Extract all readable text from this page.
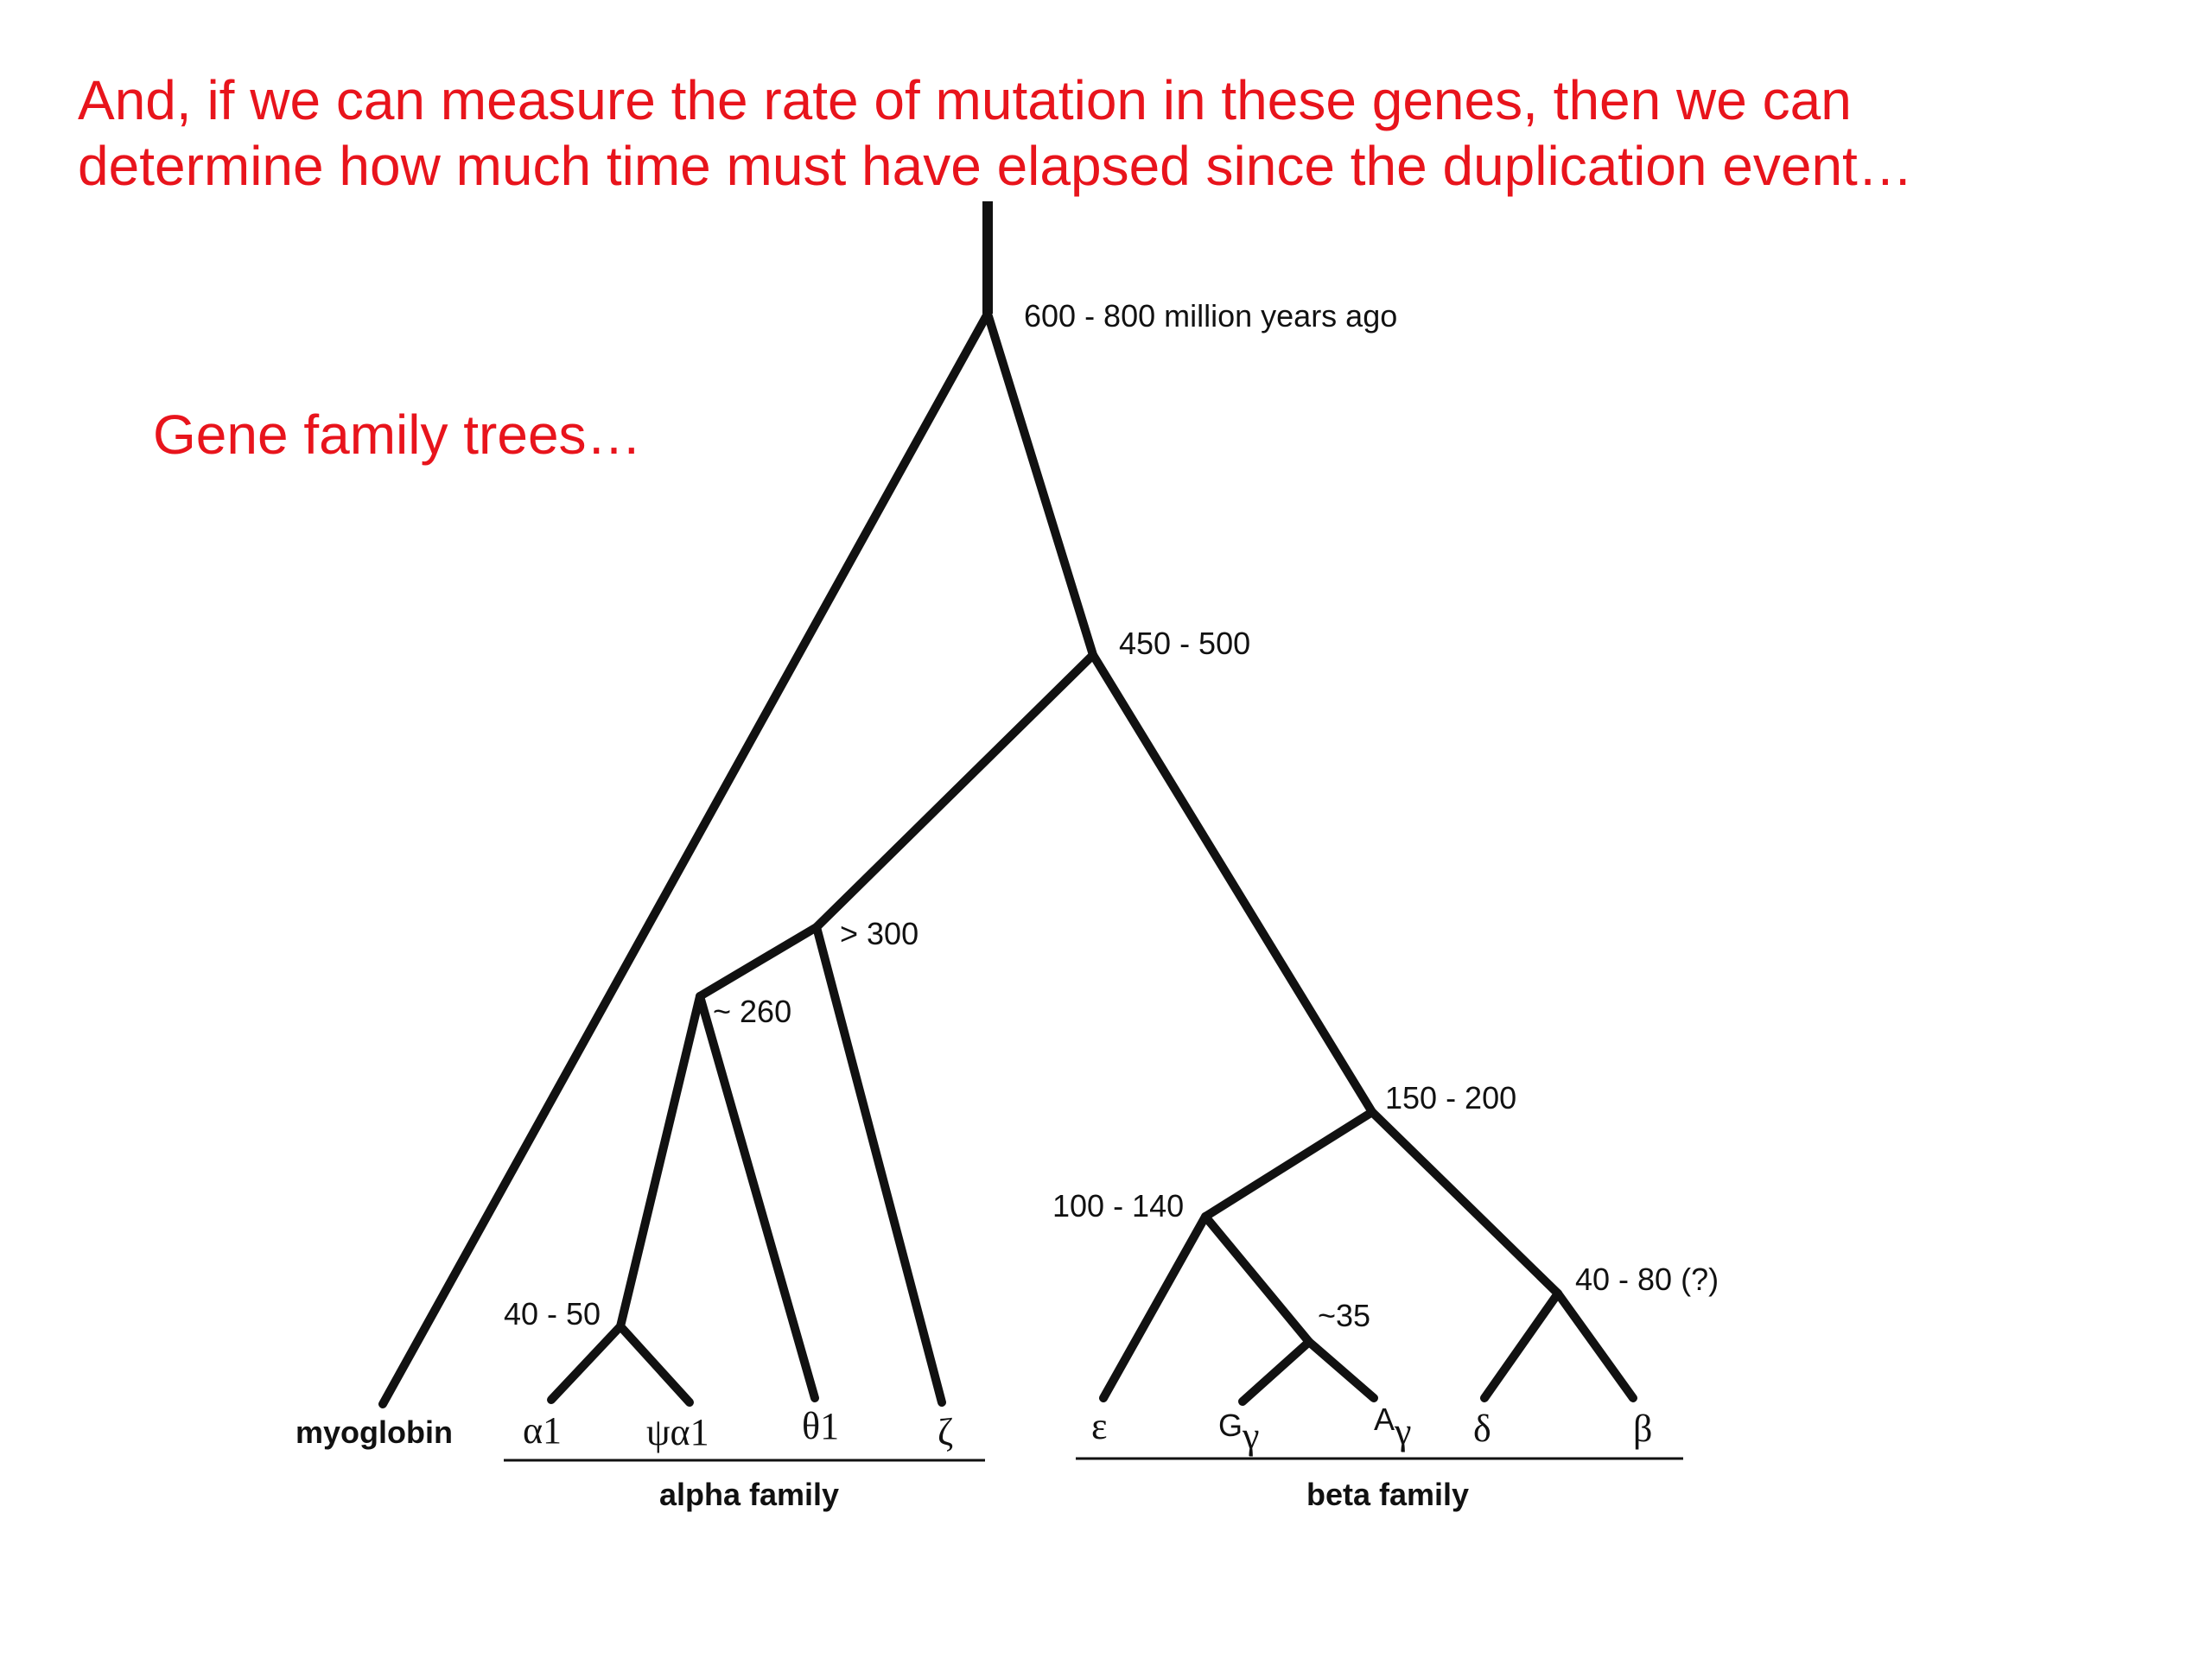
And, if we can measure the rate of mutation in these genes, then we can
determine how much time must have elapsed since the duplication event…
Gene family trees…
600 - 800 million years ago
450 - 500
> 300
~ 260
150 - 200
100 - 140
40 - 50	~35
40 - 80 (?)
myoglobin α1 ψα1 θ1	ζ	ε	Gγ	Aγ δ	β
alpha family	beta family
